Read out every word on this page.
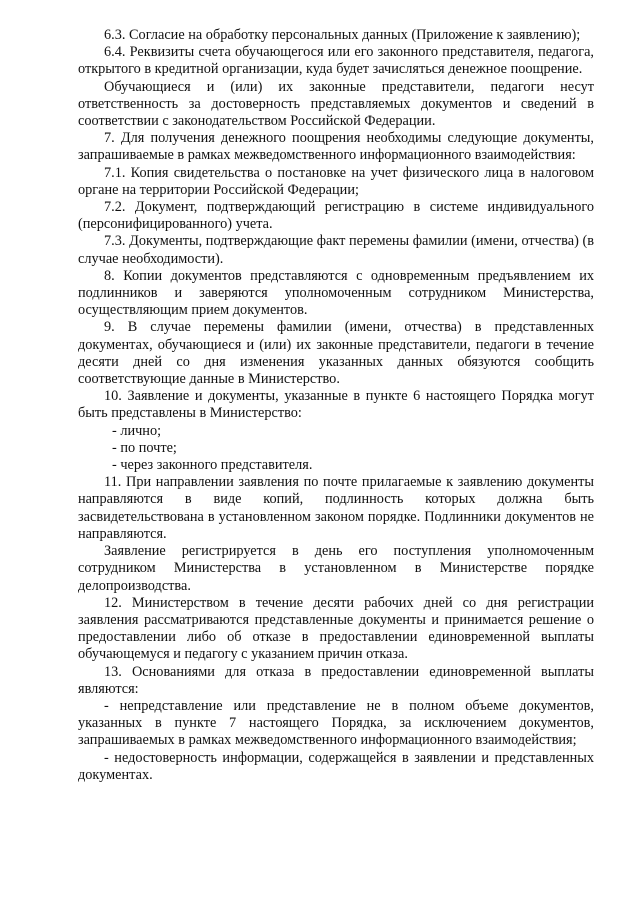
6.3. Согласие на обработку персональных данных (Приложение к заявлению);

6.4. Реквизиты счета обучающегося или его законного представителя, педагога, открытого в кредитной организации, куда будет зачисляться денежное поощрение.

Обучающиеся и (или) их законные представители, педагоги несут ответственность за достоверность представляемых документов и сведений в соответствии с законодательством Российской Федерации.

7. Для получения денежного поощрения необходимы следующие документы, запрашиваемые в рамках межведомственного информационного взаимодействия:

7.1. Копия свидетельства о постановке на учет физического лица в налоговом органе на территории Российской Федерации;

7.2. Документ, подтверждающий регистрацию в системе индивидуального (персонифицированного) учета.

7.3. Документы, подтверждающие факт перемены фамилии (имени, отчества) (в случае необходимости).

8. Копии документов представляются с одновременным предъявлением их подлинников и заверяются уполномоченным сотрудником Министерства, осуществляющим прием документов.

9. В случае перемены фамилии (имени, отчества) в представленных документах, обучающиеся и (или) их законные представители, педагоги в течение десяти дней со дня изменения указанных данных обязуются сообщить соответствующие данные в Министерство.

10. Заявление и документы, указанные в пункте 6 настоящего Порядка могут быть представлены в Министерство:

- лично;

- по почте;

- через законного представителя.

11. При направлении заявления по почте прилагаемые к заявлению документы направляются в виде копий, подлинность которых должна быть засвидетельствована в установленном законом порядке. Подлинники документов не направляются.

Заявление регистрируется в день его поступления уполномоченным сотрудником Министерства в установленном в Министерстве порядке делопроизводства.

12. Министерством в течение десяти рабочих дней со дня регистрации заявления рассматриваются представленные документы и принимается решение о предоставлении либо об отказе в предоставлении единовременной выплаты обучающемуся и педагогу с указанием причин отказа.

13. Основаниями для отказа в предоставлении единовременной выплаты являются:

- непредставление или представление не в полном объеме документов, указанных в пункте 7 настоящего Порядка, за исключением документов, запрашиваемых в рамках межведомственного информационного взаимодействия;

- недостоверность информации, содержащейся в заявлении и представленных документах.
